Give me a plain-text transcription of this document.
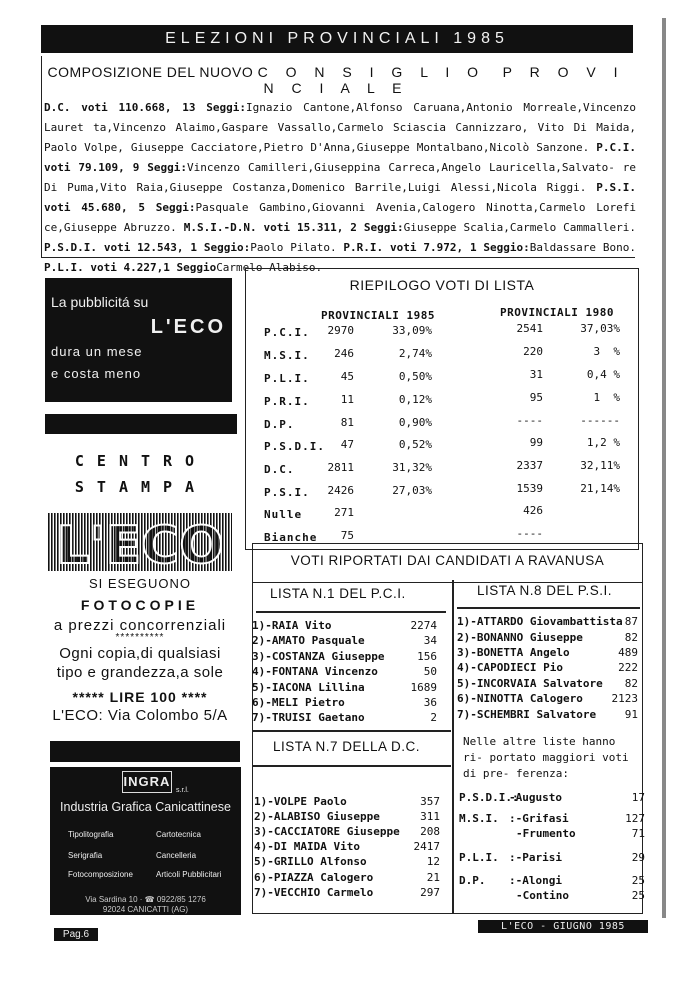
ELEZIONI PROVINCIALI 1985
COMPOSIZIONE DEL NUOVO C O N S I G L I O P R O V I N C I A L E
D.C. voti 110.668, 13 Seggi:Ignazio Cantone,Alfonso Caruana,Antonio Morreale,Vincenzo Lauret ta,Vincenzo Alaimo,Gaspare Vassallo,Carmelo Sciascia Cannizzaro, Vito Di Maida, Paolo Volpe, Giuseppe Cacciatore,Pietro D'Anna,Giuseppe Montalbano,Nicolò Sanzone. P.C.I. voti 79.109, 9 Seggi:Vincenzo Camilleri,Giuseppina Carreca,Angelo Lauricella,Salvato- re Di Puma,Vito Raia,Giuseppe Costanza,Domenico Barrile,Luigi Alessi,Nicola Riggi. P.S.I. voti 45.680, 5 Seggi:Pasquale Gambino,Giovanni Avenia,Calogero Ninotta,Carmelo Lorefi ce,Giuseppe Abruzzo. M.S.I.-D.N. voti 15.311, 2 Seggi:Giuseppe Scalia,Carmelo Cammalleri. P.S.D.I. voti 12.543, 1 Seggio:Paolo Pilato. P.R.I. voti 7.972, 1 Seggio:Baldassare Bono. P.L.I. voti 4.227,1 SeggioCarmelo Alabiso.
La pubblicitá su
L'ECO
dura un mese
e costa meno
CENTRO
STAMPA
L'ECO
SI ESEGUONO
FOTOCOPIE
a prezzi concorrenziali
**********
Ogni copia,di qualsiasi
tipo e grandezza,a sole
***** LIRE 100 ****
L'ECO: Via Colombo 5/A
INGRA
s.r.l.
Industria Grafica Canicattinese
Tipolitografia	Cartotecnica
Serigrafia	Cancelleria
Fotocomposizione	Articoli Pubblicitari
Via Sardina 10 · ☎ 0922/85 1276
92024 CANICATTI (AG)
Pag.6
RIEPILOGO VOTI DI LISTA
PROVINCIALI 1985	PROVINCIALI 1980
P.C.I.	2970	33,09%	2541	37,03%
M.S.I.	246	2,74%	220	3  %
P.L.I.	45	0,50%	31	0,4 %
P.R.I.	11	0,12%	95	1  %
D.P.	81	0,90%	----	------
P.S.D.I.	47	0,52%	99	1,2 %
D.C.	2811	31,32%	2337	32,11%
P.S.I.	2426	27,03%	1539	21,14%
Nulle	271	426
Bianche	75	----
VOTI RIPORTATI DAI CANDIDATI A RAVANUSA
LISTA N.1 DEL P.C.I.	LISTA N.8 DEL P.S.I.
LISTA N.7 DELLA D.C.
1)-RAIA Vito	2274
2)-AMATO Pasquale	34
3)-COSTANZA Giuseppe	156
4)-FONTANA Vincenzo	50
5)-IACONA Lillina	1689
6)-MELI Pietro	36
7)-TRUISI Gaetano	2
1)-ATTARDO Giovambattista 87
2)-BONANNO Giuseppe	82
3)-BONETTA Angelo	489
4)-CAPODIECI Pio	222
5)-INCORVAIA Salvatore	82
6)-NINOTTA Calogero	2123
7)-SCHEMBRI Salvatore	91
1)-VOLPE Paolo	357
2)-ALABISO Giuseppe	311
3)-CACCIATORE Giuseppe	208
4)-DI MAIDA Vito	2417
5)-GRILLO Alfonso	12
6)-PIAZZA Calogero	21
7)-VECCHIO Carmelo	297
Nelle altre liste hanno ri- portato maggiori voti di pre- ferenza:
P.S.D.I.:
-Augusto	17
M.S.I. :-Grifasi	127
-Frumento	71
P.L.I. :-Parisi	29
D.P. :-Alongi	25
-Contino	25
L'ECO - GIUGNO 1985
